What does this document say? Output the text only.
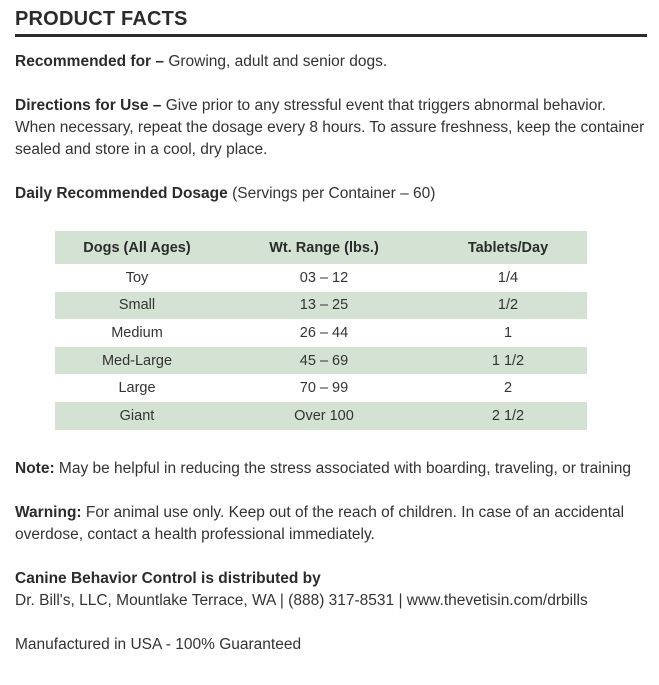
PRODUCT FACTS

Recommended for – Growing, adult and senior dogs.

Directions for Use – Give prior to any stressful event that triggers abnormal behavior. When necessary, repeat the dosage every 8 hours. To assure freshness, keep the container sealed and store in a cool, dry place.

Daily Recommended Dosage (Servings per Container – 60)

Dogs (All Ages)	Wt. Range (lbs.)	Tablets/Day
Toy	03 – 12	1/4
Small	13 – 25	1/2
Medium	26 – 44	1
Med-Large	45 – 69	1 1/2
Large	70 – 99	2
Giant	Over 100	2 1/2

Note: May be helpful in reducing the stress associated with boarding, traveling, or training

Warning: For animal use only. Keep out of the reach of children. In case of an accidental overdose, contact a health professional immediately.

Canine Behavior Control is distributed by
Dr. Bill's, LLC, Mountlake Terrace, WA | (888) 317-8531 | www.thevetisin.com/drbills

Manufactured in USA - 100% Guaranteed
